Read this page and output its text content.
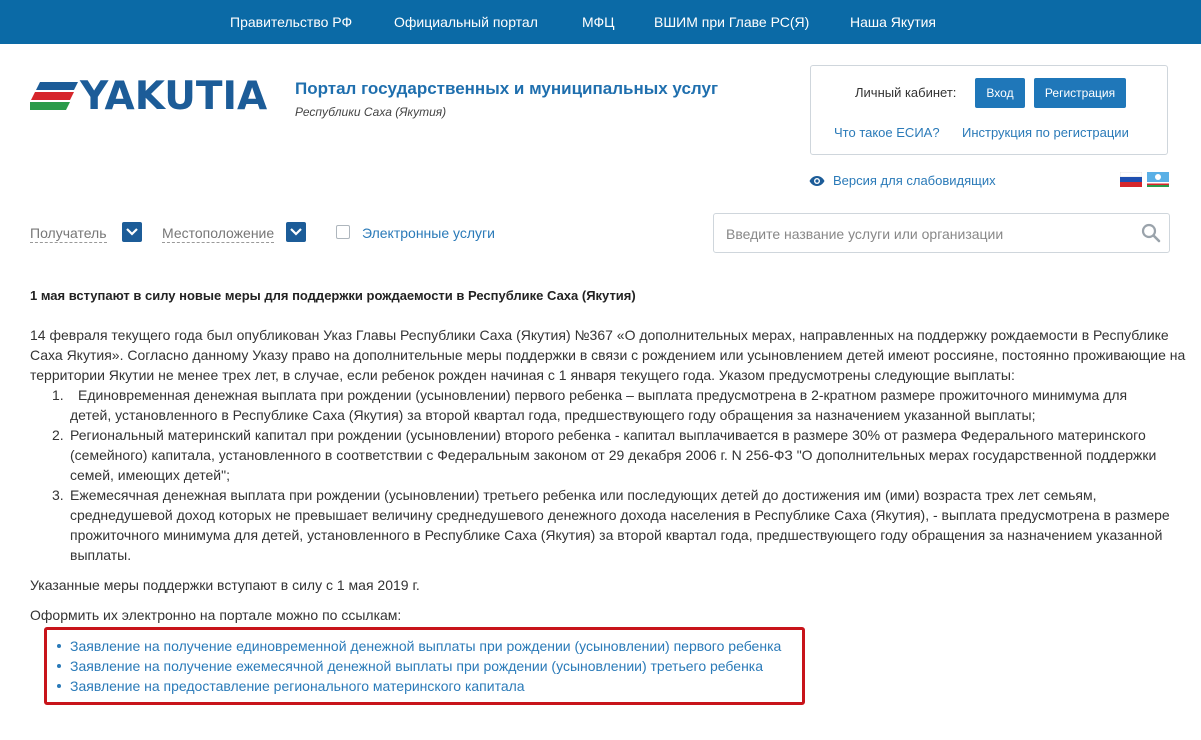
Правительство РФ	Официальный портал	МФЦ	ВШИМ при Главе РС(Я)	Наша Якутия
YAKUTIA Портал государственных и муниципальных услуг
Республики Саха (Якутия)
Личный кабинет:	Вход	Регистрация
Что такое ЕСИА? Инструкция по регистрации
Версия для слабовидящих
Получатель	Местоположение	Электронные услуги
Введите название услуги или организации
1 мая вступают в силу новые меры для поддержки рождаемости в Республике Саха (Якутия)
14 февраля текущего года был опубликован Указ Главы Республики Саха (Якутия) №367 «О дополнительных мерах, направленных на поддержку рождаемости в Республике Саха Якутия». Согласно данному Указу право на дополнительные меры поддержки в связи с рождением или усыновлением детей имеют россияне, постоянно проживающие на территории Якутии не менее трех лет, в случае, если ребенок рожден начиная с 1 января текущего года. Указом предусмотрены следующие выплаты:
1. Единовременная денежная выплата при рождении (усыновлении) первого ребенка – выплата предусмотрена в 2-кратном размере прожиточного минимума для детей, установленного в Республике Саха (Якутия) за второй квартал года, предшествующего году обращения за назначением указанной выплаты;
2. Региональный материнский капитал при рождении (усыновлении) второго ребенка - капитал выплачивается в размере 30% от размера Федерального материнского (семейного) капитала, установленного в соответствии с Федеральным законом от 29 декабря 2006 г. N 256-ФЗ "О дополнительных мерах государственной поддержки семей, имеющих детей";
3. Ежемесячная денежная выплата при рождении (усыновлении) третьего ребенка или последующих детей до достижения им (ими) возраста трех лет семьям, среднедушевой доход которых не превышает величину среднедушевого денежного дохода населения в Республике Саха (Якутия), - выплата предусмотрена в размере прожиточного минимума для детей, установленного в Республике Саха (Якутия) за второй квартал года, предшествующего году обращения за назначением указанной выплаты.
Указанные меры поддержки вступают в силу с 1 мая 2019 г.
Оформить их электронно на портале можно по ссылкам:
Заявление на получение единовременной денежной выплаты при рождении (усыновлении) первого ребенка
Заявление на получение ежемесячной денежной выплаты при рождении (усыновлении) третьего ребенка
Заявление на предоставление регионального материнского капитала
